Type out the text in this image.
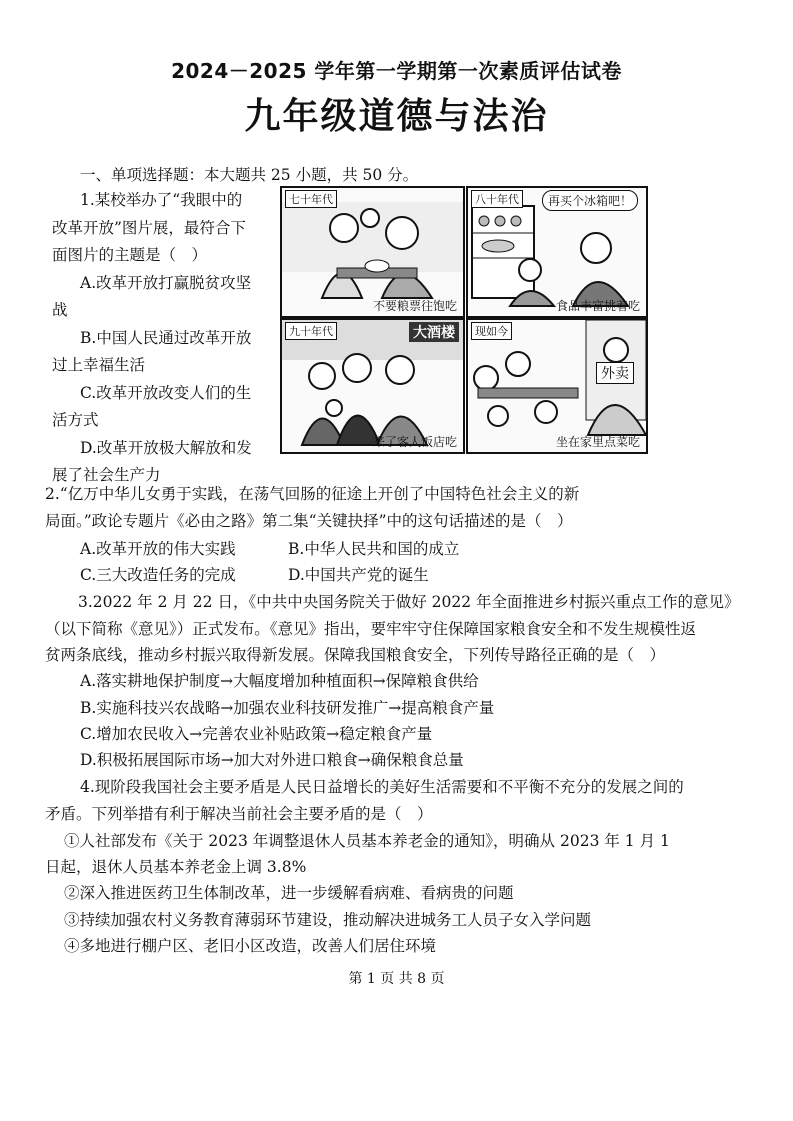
2024－2025 学年第一学期第一次素质评估试卷
九年级道德与法治
一、单项选择题：本大题共 25 小题，共 50 分。
1.某校举办了“我眼中的
改革开放”图片展，最符合下
面图片的主题是（　）
A.改革开放打赢脱贫攻坚
战
B.中国人民通过改革开放
过上幸福生活
C.改革开放改变人们的生
活方式
D.改革开放极大解放和发
展了社会生产力
七十年代
不要粮票往饱吃
八十年代	再买个冰箱吧！
食品丰富挑着吃
九十年代	大酒楼
来了客人饭店吃
现如今
外卖
坐在家里点菜吃
2.“亿万中华儿女勇于实践，在荡气回肠的征途上开创了中国特色社会主义的新
局面。”政论专题片《必由之路》第二集“关键抉择”中的这句话描述的是（　）
A.改革开放的伟大实践	B.中华人民共和国的成立
C.三大改造任务的完成	D.中国共产党的诞生
3.2022 年 2 月 22 日，《中共中央国务院关于做好 2022 年全面推进乡村振兴重点工作的意见》
（以下简称《意见》）正式发布。《意见》指出，要牢牢守住保障国家粮食安全和不发生规模性返
贫两条底线，推动乡村振兴取得新发展。保障我国粮食安全，下列传导路径正确的是（　）
A.落实耕地保护制度→大幅度增加种植面积→保障粮食供给
B.实施科技兴农战略→加强农业科技研发推广→提高粮食产量
C.增加农民收入→完善农业补贴政策→稳定粮食产量
D.积极拓展国际市场→加大对外进口粮食→确保粮食总量
4.现阶段我国社会主要矛盾是人民日益增长的美好生活需要和不平衡不充分的发展之间的
矛盾。下列举措有利于解决当前社会主要矛盾的是（　）
①人社部发布《关于 2023 年调整退休人员基本养老金的通知》，明确从 2023 年 1 月 1
日起，退休人员基本养老金上调 3.8%
②深入推进医药卫生体制改革，进一步缓解看病难、看病贵的问题
③持续加强农村义务教育薄弱环节建设，推动解决进城务工人员子女入学问题
④多地进行棚户区、老旧小区改造，改善人们居住环境
第 1 页 共 8 页
